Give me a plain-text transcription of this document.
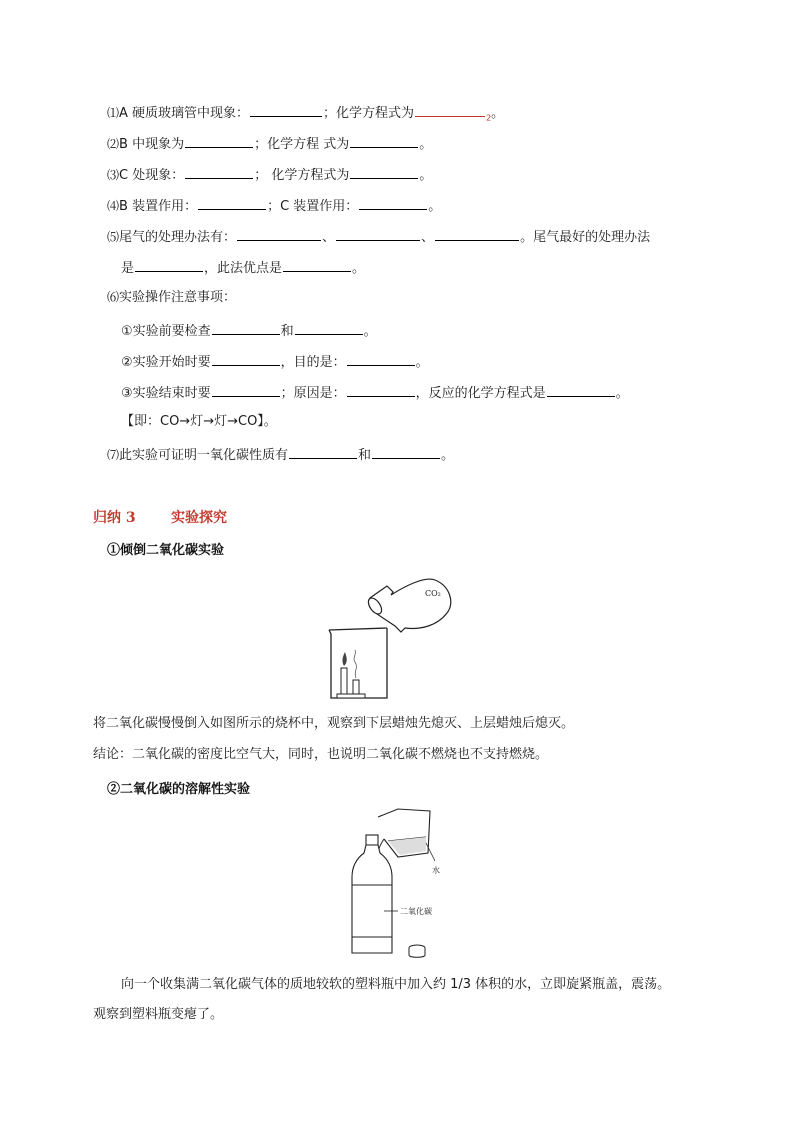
⑴A 硬质玻璃管中现象：	；化学方程式为	$_2$。
⑵B 中现象为	；化学方程 式为	。
⑶C 处现象：	； 化学方程式为	。
⑷B 装置作用：	；C 装置作用：	。
⑸尾气的处理办法有：	、	、	。尾气最好的处理办法
是	，此法优点是	。
⑹实验操作注意事项：
①实验前要检查	和	。
②实验开始时要	，目的是：	。
③实验结束时要	；原因是：	，反应的化学方程式是	。
【即：CO→灯→灯→CO】。
⑺此实验可证明一氧化碳性质有	和	。
归纳 3	实验探究
①倾倒二氧化碳实验
CO₂
将二氧化碳慢慢倒入如图所示的烧杯中，观察到下层蜡烛先熄灭、上层蜡烛后熄灭。
结论：二氧化碳的密度比空气大，同时，也说明二氧化碳不燃烧也不支持燃烧。
②二氧化碳的溶解性实验
水
二氧化碳
向一个收集满二氧化碳气体的质地较软的塑料瓶中加入约 1/3 体积的水，立即旋紧瓶盖，震荡。
观察到塑料瓶变瘪了。
